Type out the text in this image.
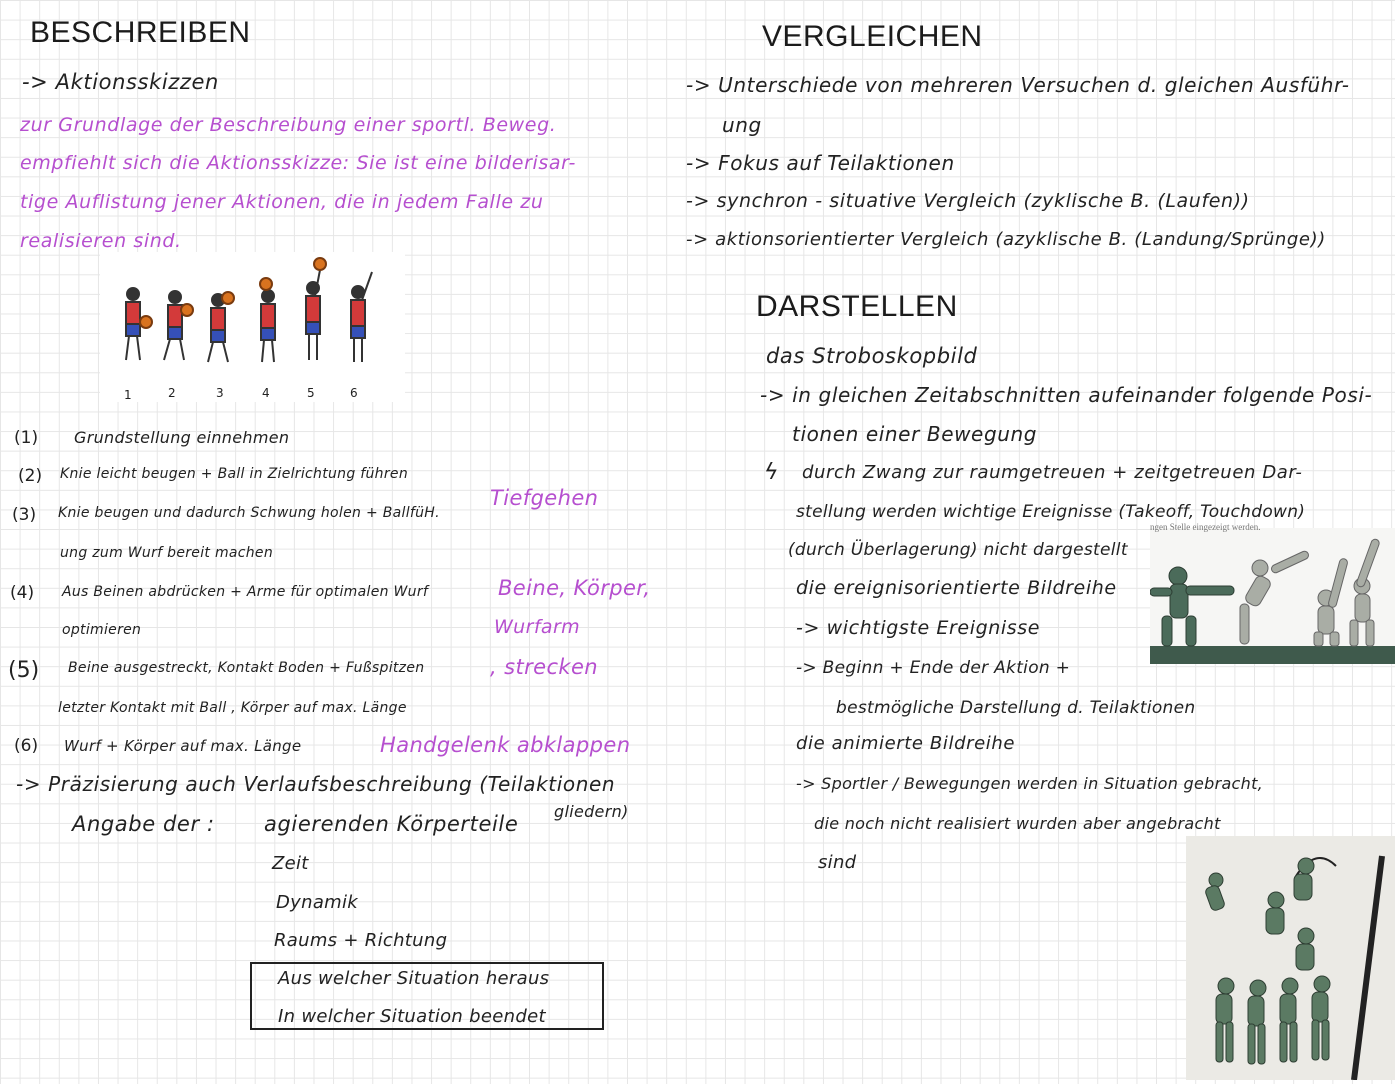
BESCHREIBEN
-> Aktionsskizzen
zur Grundlage der Beschreibung einer sportl. Beweg.
empfiehlt sich die Aktionsskizze: Sie ist eine bilderisar-
tige Auflistung jener Aktionen, die in jedem Falle zu
realisieren sind.
1	2	3	4	5	6
(1) Grundstellung einnehmen
(2) Knie leicht beugen + Ball in Zielrichtung führen
(3) Knie beugen und dadurch Schwung holen + BallfüH.
ung zum Wurf bereit machen
(4) Aus Beinen abdrücken + Arme für optimalen Wurf
optimieren
(5) Beine ausgestreckt, Kontakt Boden + Fußspitzen
letzter Kontakt mit Ball , Körper auf max. Länge
(6) Wurf + Körper auf max. Länge
Tiefgehen
Beine, Körper,
Wurfarm
, strecken
Handgelenk abklappen
-> Präzisierung auch Verlaufsbeschreibung (Teilaktionen
gliedern)
Angabe der : agierenden Körperteile
Zeit
Dynamik
Raums + Richtung
Aus welcher Situation heraus
In welcher Situation beendet
VERGLEICHEN
-> Unterschiede von mehreren Versuchen d. gleichen Ausführ-
ung
-> Fokus auf Teilaktionen
-> synchron - situative Vergleich (zyklische B. (Laufen))
-> aktionsorientierter Vergleich (azyklische B. (Landung/Sprünge))
DARSTELLEN
das Stroboskopbild
-> in gleichen Zeitabschnitten aufeinander folgende Posi-
tionen einer Bewegung
ϟ durch Zwang zur raumgetreuen + zeitgetreuen Dar-
stellung werden wichtige Ereignisse (Takeoff, Touchdown)
(durch Überlagerung) nicht dargestellt
die ereignisorientierte Bildreihe
-> wichtigste Ereignisse
-> Beginn + Ende der Aktion +
bestmögliche Darstellung d. Teilaktionen
die animierte Bildreihe
-> Sportler / Bewegungen werden in Situation gebracht,
die noch nicht realisiert wurden aber angebracht
sind
ngen Stelle eingezeigt werden.
